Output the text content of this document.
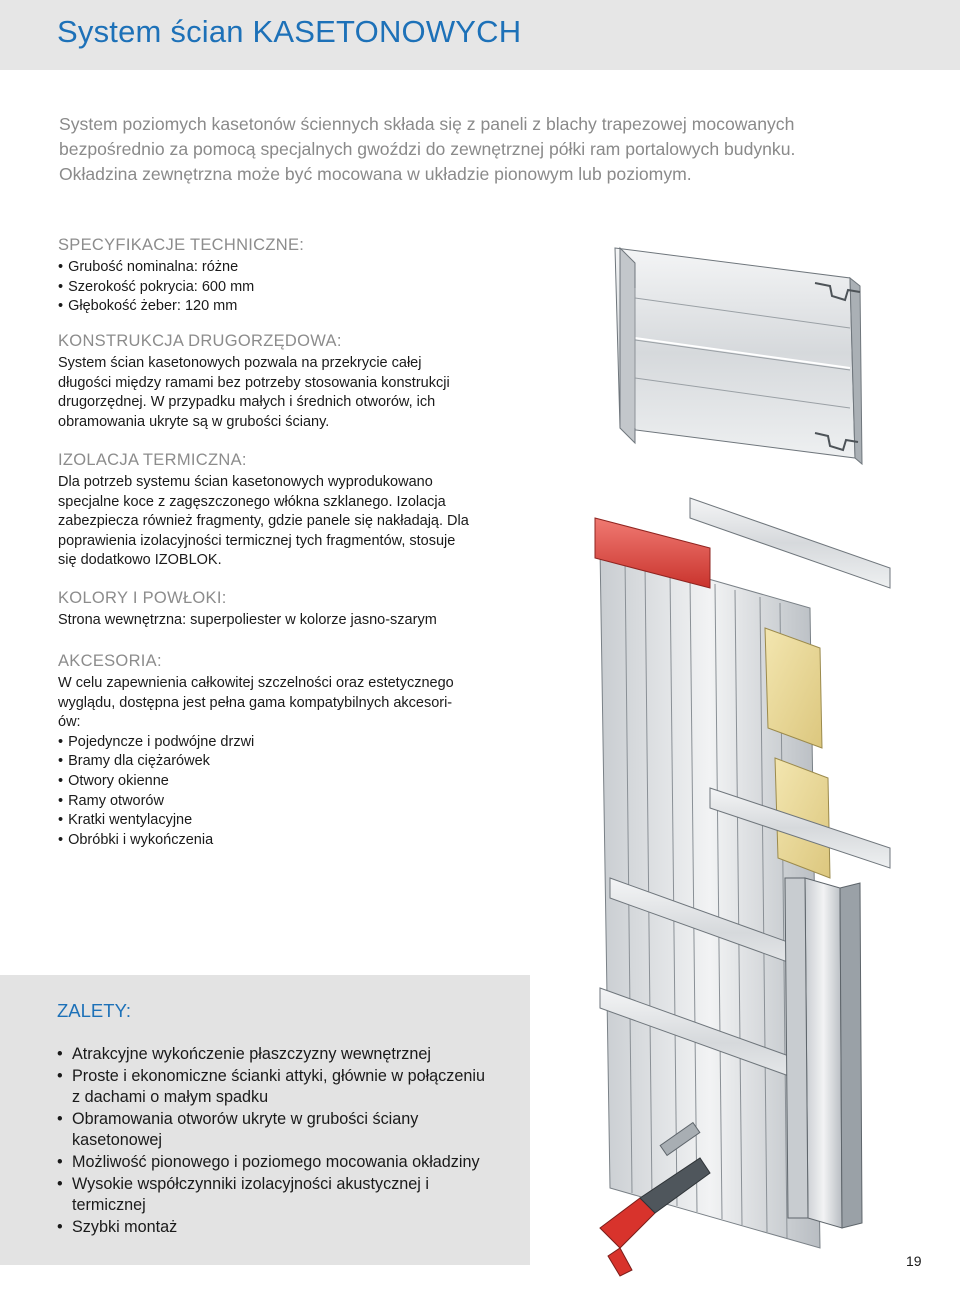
System ścian KASETONOWYCH

System poziomych kasetonów ściennych składa się z paneli z blachy trapezowej mocowanych
bezpośrednio za pomocą specjalnych gwoździ do zewnętrznej półki ram portalowych budynku.
Okładzina zewnętrzna może być mocowana w układzie pionowym lub poziomym.

SPECYFIKACJE TECHNICZNE:
• Grubość nominalna: różne
• Szerokość pokrycia: 600 mm
• Głębokość żeber: 120 mm
KONSTRUKCJA DRUGORZĘDOWA:
System ścian kasetonowych pozwala na przekrycie całej
długości między ramami bez potrzeby stosowania konstrukcji
drugorzędnej. W przypadku małych i średnich otworów, ich
obramowania ukryte są w grubości ściany.
IZOLACJA TERMICZNA:
Dla potrzeb systemu ścian kasetonowych wyprodukowano
specjalne koce z zagęszczonego włókna szklanego. Izolacja
zabezpiecza również fragmenty, gdzie panele się nakładają. Dla
poprawienia izolacyjności termicznej tych fragmentów, stosuje
się dodatkowo IZOBLOK.
KOLORY I POWŁOKI:
Strona wewnętrzna: superpoliester w kolorze jasno-szarym
AKCESORIA:
W celu zapewnienia całkowitej szczelności oraz estetycznego
wyglądu, dostępna jest pełna gama kompatybilnych akcesori-
ów:
• Pojedyncze i podwójne drzwi
• Bramy dla ciężarówek
• Otwory okienne
• Ramy otworów
• Kratki wentylacyjne
• Obróbki i wykończenia
ZALETY:
• Atrakcyjne wykończenie płaszczyzny wewnętrznej
• Proste i ekonomiczne ścianki attyki, głównie w połączeniu
z dachami o małym spadku
• Obramowania otworów ukryte w grubości ściany
kasetonowej
• Możliwość pionowego i poziomego mocowania okładziny
• Wysokie współczynniki izolacyjności akustycznej i
termicznej
• Szybki montaż
19
